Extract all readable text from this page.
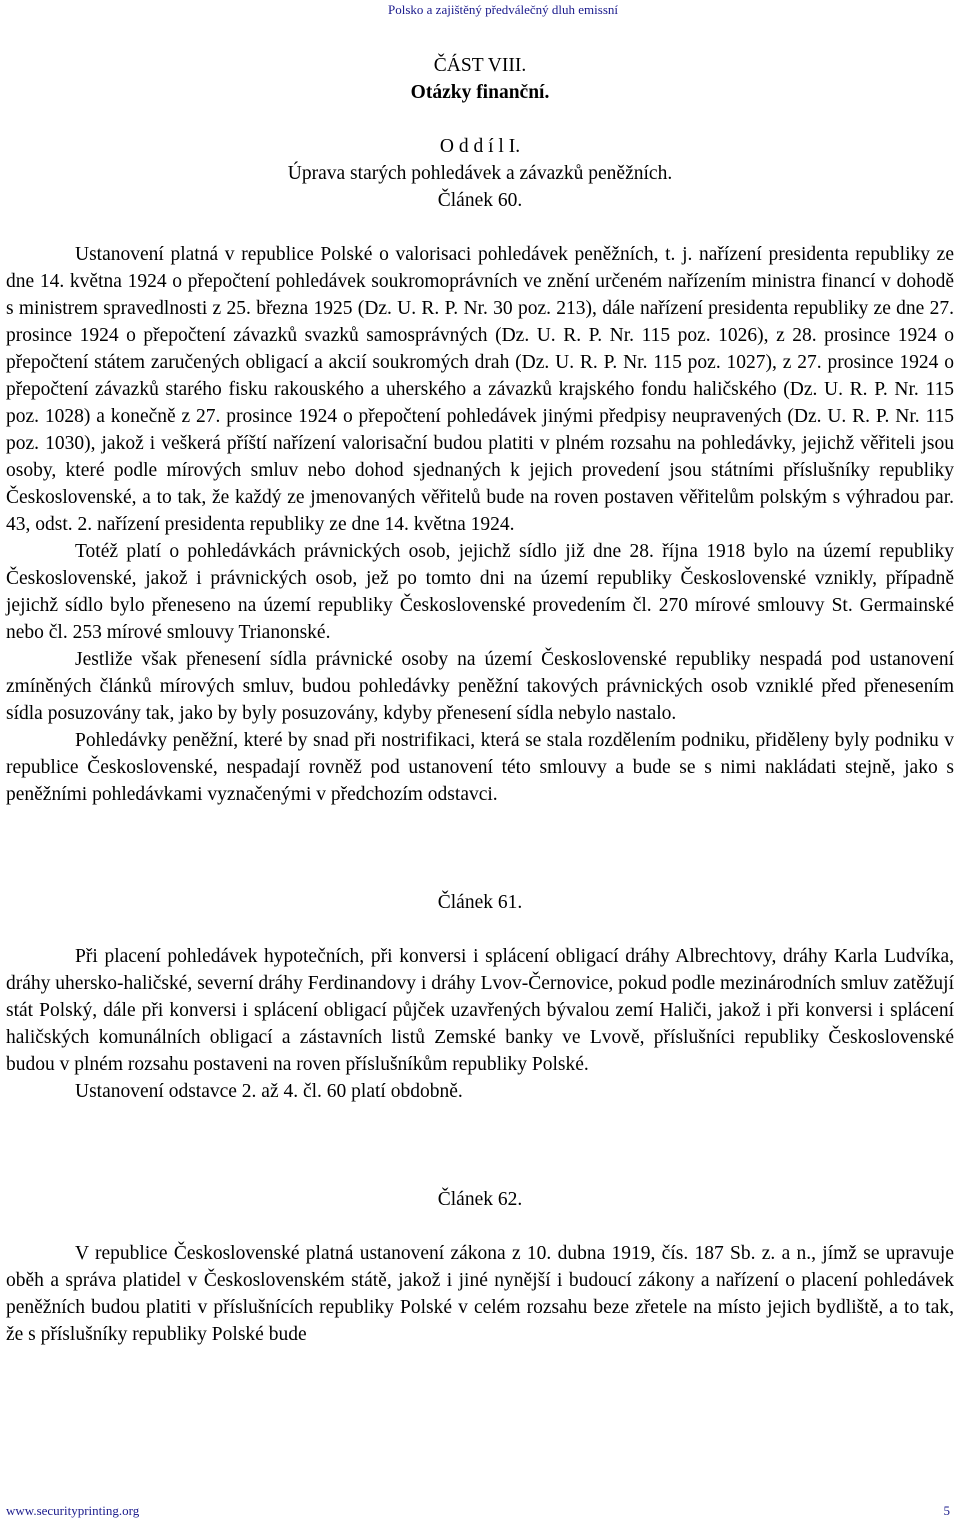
Polsko a zajištěný předválečný dluh emissní
ČÁST VIII.
Otázky finanční.
O d d í l I.
Úprava starých pohledávek a závazků peněžních.
Článek 60.

Ustanovení platná v republice Polské o valorisaci pohledávek peněžních, t. j. nařízení presidenta republiky ze dne 14. května 1924 o přepočtení pohledávek soukromoprávních ve znění určeném nařízením ministra financí v dohodě s ministrem spravedlnosti z 25. března 1925 (Dz. U. R. P. Nr. 30 poz. 213), dále nařízení presidenta republiky ze dne 27. prosince 1924 o přepočtení závazků svazků samosprávných (Dz. U. R. P. Nr. 115 poz. 1026), z 28. prosince 1924 o přepočtení státem zaručených obligací a akcií soukromých drah (Dz. U. R. P. Nr. 115 poz. 1027), z 27. prosince 1924 o přepočtení závazků starého fisku rakouského a uherského a závazků krajského fondu haličského (Dz. U. R. P. Nr. 115 poz. 1028) a konečně z 27. prosince 1924 o přepočtení pohledávek jinými předpisy neupravených (Dz. U. R. P. Nr. 115 poz. 1030), jakož i veškerá příští nařízení valorisační budou platiti v plném rozsahu na pohledávky, jejichž věřiteli jsou osoby, které podle mírových smluv nebo dohod sjednaných k jejich provedení jsou státními příslušníky republiky Československé, a to tak, že každý ze jmenovaných věřitelů bude na roven postaven věřitelům polským s výhradou par. 43, odst. 2. nařízení presidenta republiky ze dne 14. května 1924.

Totéž platí o pohledávkách právnických osob, jejichž sídlo již dne 28. října 1918 bylo na území republiky Československé, jakož i právnických osob, jež po tomto dni na území republiky Československé vznikly, případně jejichž sídlo bylo přeneseno na území republiky Československé provedením čl. 270 mírové smlouvy St. Germainské nebo čl. 253 mírové smlouvy Trianonské.

Jestliže však přenesení sídla právnické osoby na území Československé republiky nespadá pod ustanovení zmíněných článků mírových smluv, budou pohledávky peněžní takových právnických osob vzniklé před přenesením sídla posuzovány tak, jako by byly posuzovány, kdyby přenesení sídla nebylo nastalo.

Pohledávky peněžní, které by snad při nostrifikaci, která se stala rozdělením podniku, přiděleny byly podniku v republice Československé, nespadají rovněž pod ustanovení této smlouvy a bude se s nimi nakládati stejně, jako s peněžními pohledávkami vyznačenými v předchozím odstavci.

Článek 61.

Při placení pohledávek hypotečních, při konversi i splácení obligací dráhy Albrechtovy, dráhy Karla Ludvíka, dráhy uhersko-haličské, severní dráhy Ferdinandovy i dráhy Lvov-Černovice, pokud podle mezinárodních smluv zatěžují stát Polský, dále při konversi i splácení obligací půjček uzavřených bývalou zemí Haliči, jakož i při konversi i splácení haličských komunálních obligací a zástavních listů Zemské banky ve Lvově, příslušníci republiky Československé budou v plném rozsahu postaveni na roven příslušníkům republiky Polské.

Ustanovení odstavce 2. až 4. čl. 60 platí obdobně.

Článek 62.

V republice Československé platná ustanovení zákona z 10. dubna 1919, čís. 187 Sb. z. a n., jímž se upravuje oběh a správa platidel v Československém státě, jakož i jiné nynější i budoucí zákony a nařízení o placení pohledávek peněžních budou platiti v příslušnících republiky Polské v celém rozsahu beze zřetele na místo jejich bydliště, a to tak, že s příslušníky republiky Polské bude

www.securityprinting.org	5
